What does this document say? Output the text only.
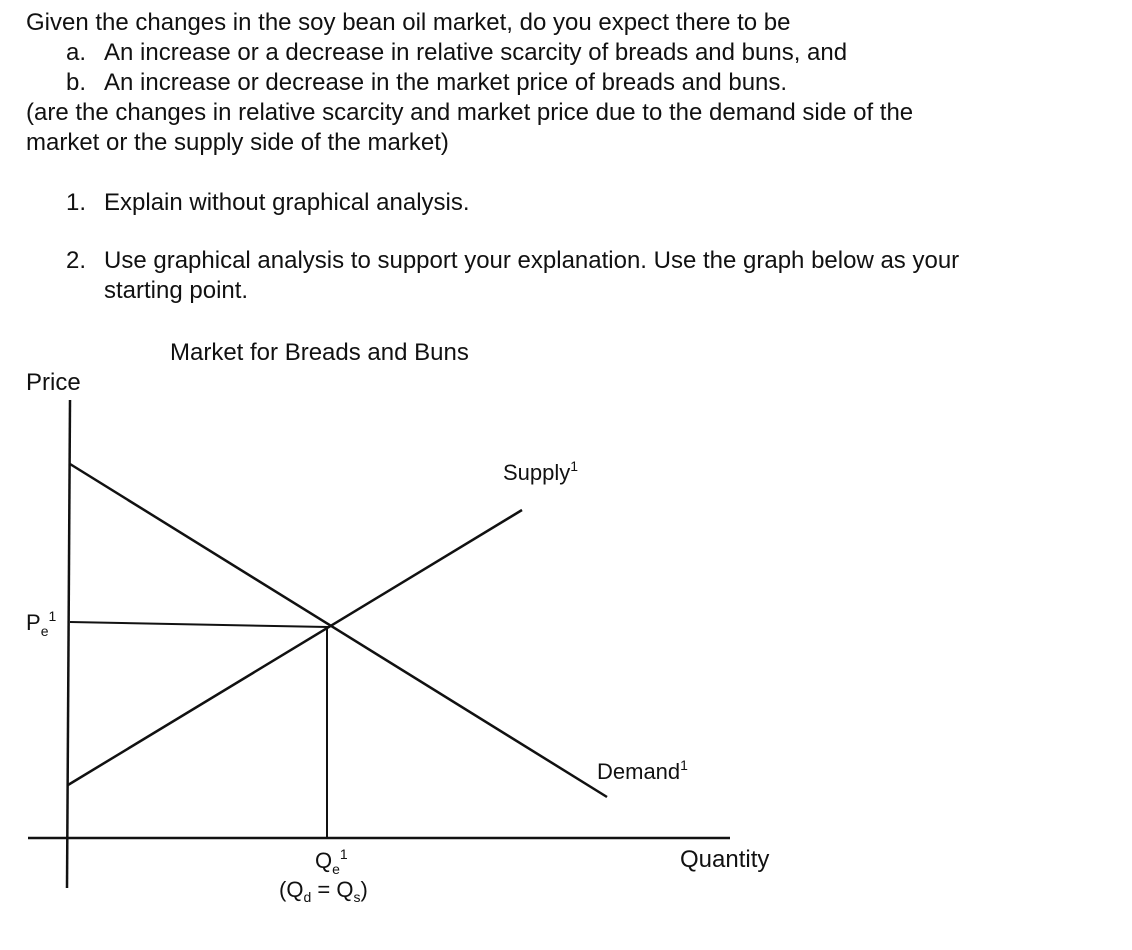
Given the changes in the soy bean oil market, do you expect there to be
a. An increase or a decrease in relative scarcity of breads and buns, and
b. An increase or decrease in the market price of breads and buns.
(are the changes in relative scarcity and market price due to the demand side of the
market or the supply side of the market)
1. Explain without graphical analysis.
2. Use graphical analysis to support your explanation. Use the graph below as your
starting point.
Market for Breads and Buns
Price
Quantity
Supply$^1$
Demand$^1$
$P_e^1$
$Q_e^1$
$(Q_d = Q_s)$
